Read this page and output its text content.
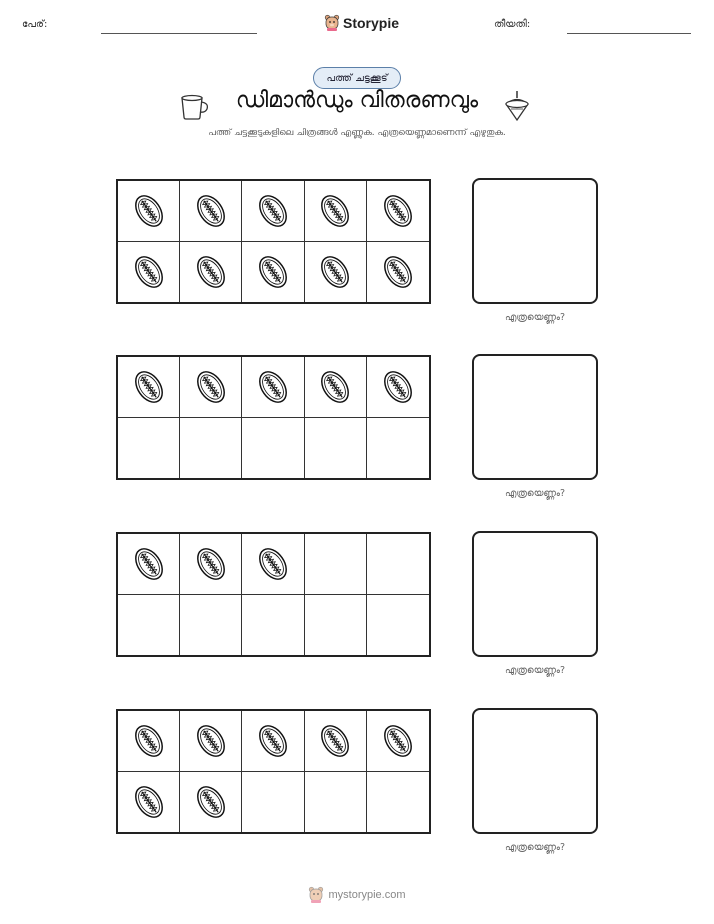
പേര്:	Storypie	തീയതി:
പത്ത് ചട്ടക്കൂട്
ഡിമാൻഡും വിതരണവും
പത്ത് ചട്ടക്കൂടുകളിലെ ചിത്രങ്ങൾ എണ്ണുക. എത്രയെണ്ണമാണെന്ന് എഴുതുക.
എത്രയെണ്ണം?
എത്രയെണ്ണം?
എത്രയെണ്ണം?
എത്രയെണ്ണം?
mystorypie.com
